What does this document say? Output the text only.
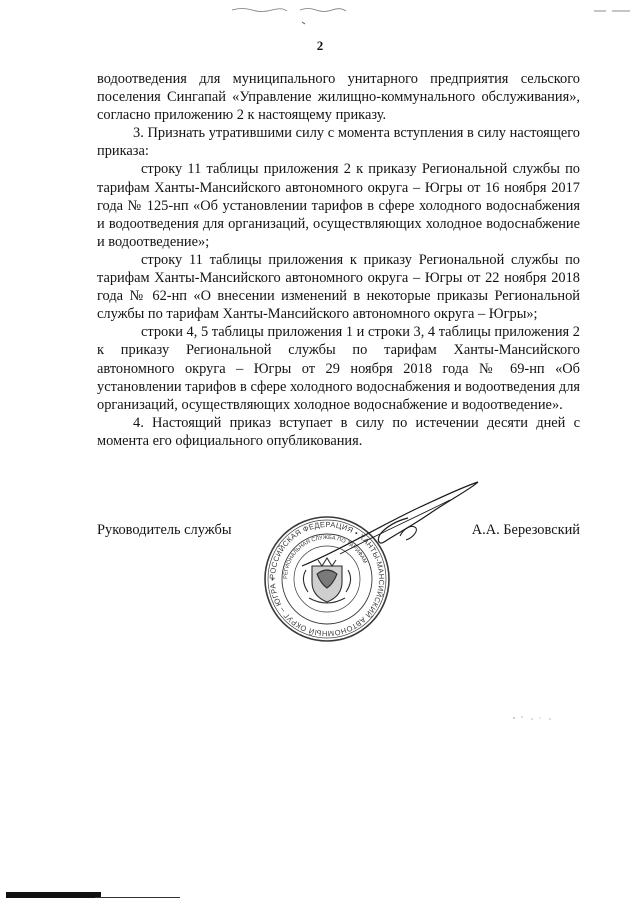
2

водоотведения для муниципального унитарного предприятия сельского поселения Сингапай «Управление жилищно-коммунального обслуживания», согласно приложению 2 к настоящему приказу.

3. Признать утратившими силу с момента вступления в силу настоящего приказа:

строку 11 таблицы приложения 2 к приказу Региональной службы по тарифам Ханты-Мансийского автономного округа – Югры от 16 ноября 2017 года № 125-нп «Об установлении тарифов в сфере холодного водоснабжения и водоотведения для организаций, осуществляющих холодное водоснабжение и водоотведение»;

строку 11 таблицы приложения к приказу Региональной службы по тарифам Ханты-Мансийского автономного округа – Югры от 22 ноября 2018 года № 62-нп «О внесении изменений в некоторые приказы Региональной службы по тарифам Ханты-Мансийского автономного округа – Югры»;

строки 4, 5 таблицы приложения 1 и строки 3, 4 таблицы приложения 2 к приказу Региональной службы по тарифам Ханты-Мансийского автономного округа – Югры от 29 ноября 2018 года № 69-нп «Об установлении тарифов в сфере холодного водоснабжения и водоотведения для организаций, осуществляющих холодное водоснабжение и водоотведение».

4. Настоящий приказ вступает в силу по истечении десяти дней с момента его официального опубликования.

Руководитель службы	А.А. Березовский
РОССИЙСКАЯ ФЕДЕРАЦИЯ • ХАНТЫ-МАНСИЙСКИЙ АВТОНОМНЫЙ ОКРУГ – ЮГРА •
РЕГИОНАЛЬНАЯ СЛУЖБА ПО ТАРИФАМ
